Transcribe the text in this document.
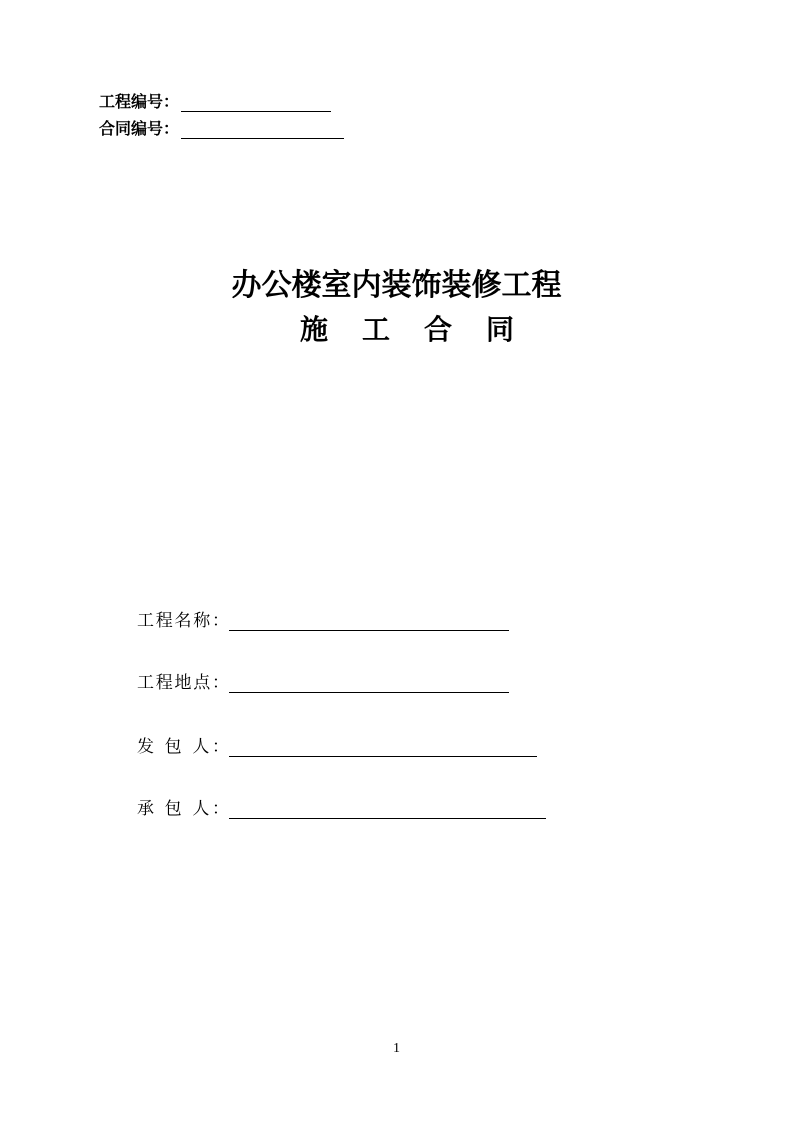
工程编号：
合同编号：
办公楼室内装饰装修工程
施工合同
工程名称：
工程地点：
发 包 人：
承 包 人：
1
